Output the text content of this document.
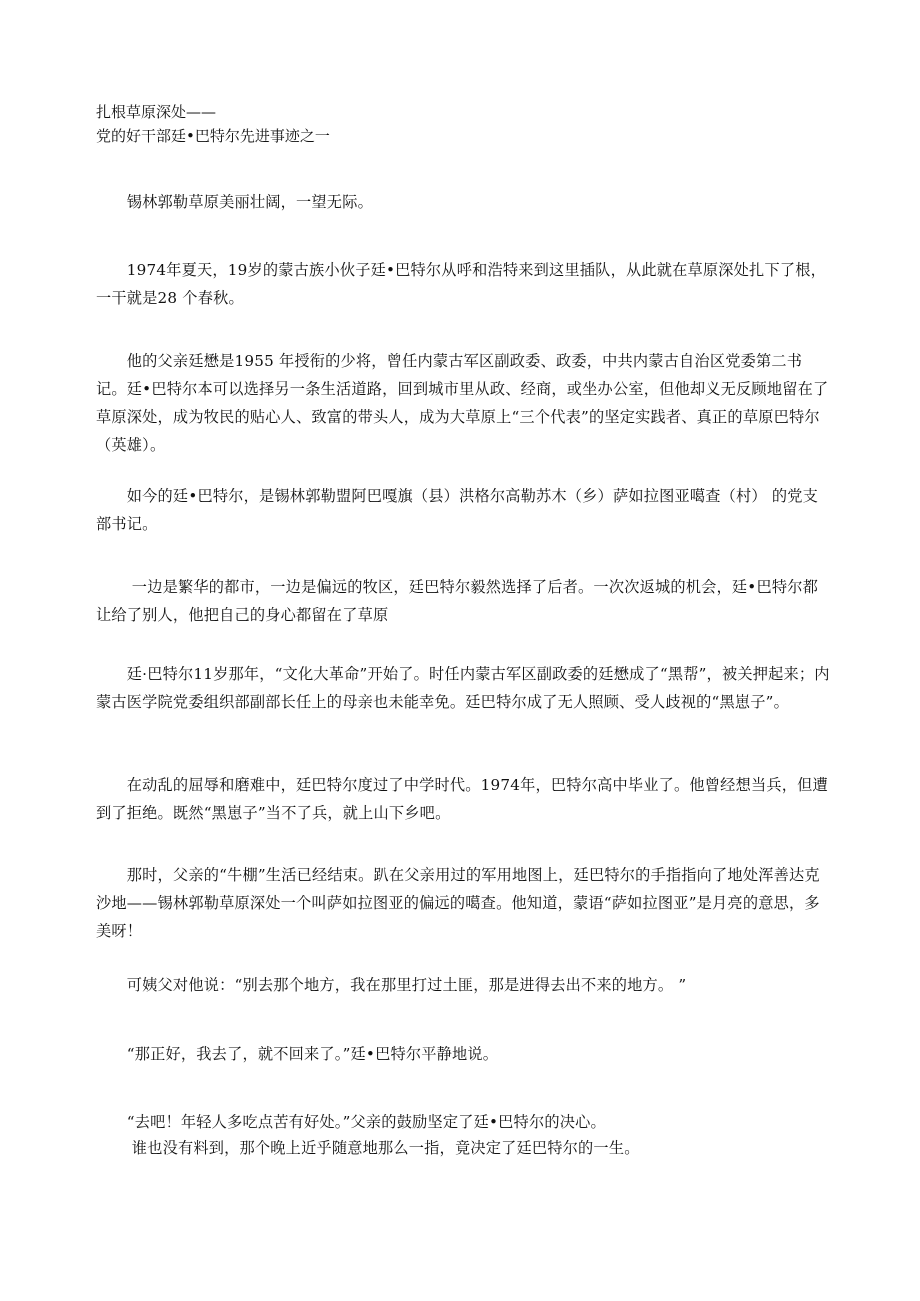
扎根草原深处——
党的好干部廷•巴特尔先进事迹之一
　　锡林郭勒草原美丽壮阔，一望无际。
　　1974年夏天，19岁的蒙古族小伙子廷•巴特尔从呼和浩特来到这里插队，从此就在草原深处扎下了根，一干就是28 个春秋。
　　他的父亲廷懋是1955 年授衔的少将，曾任内蒙古军区副政委、政委，中共内蒙古自治区党委第二书记。廷•巴特尔本可以选择另一条生活道路，回到城市里从政、经商，或坐办公室，但他却义无反顾地留在了草原深处，成为牧民的贴心人、致富的带头人，成为大草原上“三个代表”的坚定实践者、真正的草原巴特尔（英雄）。
　　如今的廷•巴特尔，是锡林郭勒盟阿巴嘎旗（县）洪格尔高勒苏木（乡）萨如拉图亚噶查（村） 的党支部书记。
　　 一边是繁华的都市，一边是偏远的牧区，廷巴特尔毅然选择了后者。一次次返城的机会，廷•巴特尔都让给了别人，他把自己的身心都留在了草原
　　廷·巴特尔11岁那年，“文化大革命”开始了。时任内蒙古军区副政委的廷懋成了“黑帮”，被关押起来；内蒙古医学院党委组织部副部长任上的母亲也未能幸免。廷巴特尔成了无人照顾、受人歧视的“黑崽子”。
　　在动乱的屈辱和磨难中，廷巴特尔度过了中学时代。1974年，巴特尔高中毕业了。他曾经想当兵，但遭到了拒绝。既然“黑崽子”当不了兵，就上山下乡吧。
　　那时，父亲的“牛棚”生活已经结束。趴在父亲用过的军用地图上，廷巴特尔的手指指向了地处浑善达克沙地——锡林郭勒草原深处一个叫萨如拉图亚的偏远的噶查。他知道，蒙语“萨如拉图亚”是月亮的意思，多美呀！
　　可姨父对他说：“别去那个地方，我在那里打过土匪，那是进得去出不来的地方。 ”
　　“那正好，我去了，就不回来了。”廷•巴特尔平静地说。
　　“去吧！年轻人多吃点苦有好处。”父亲的鼓励坚定了廷•巴特尔的决心。
　　 谁也没有料到，那个晚上近乎随意地那么一指，竟决定了廷巴特尔的一生。
